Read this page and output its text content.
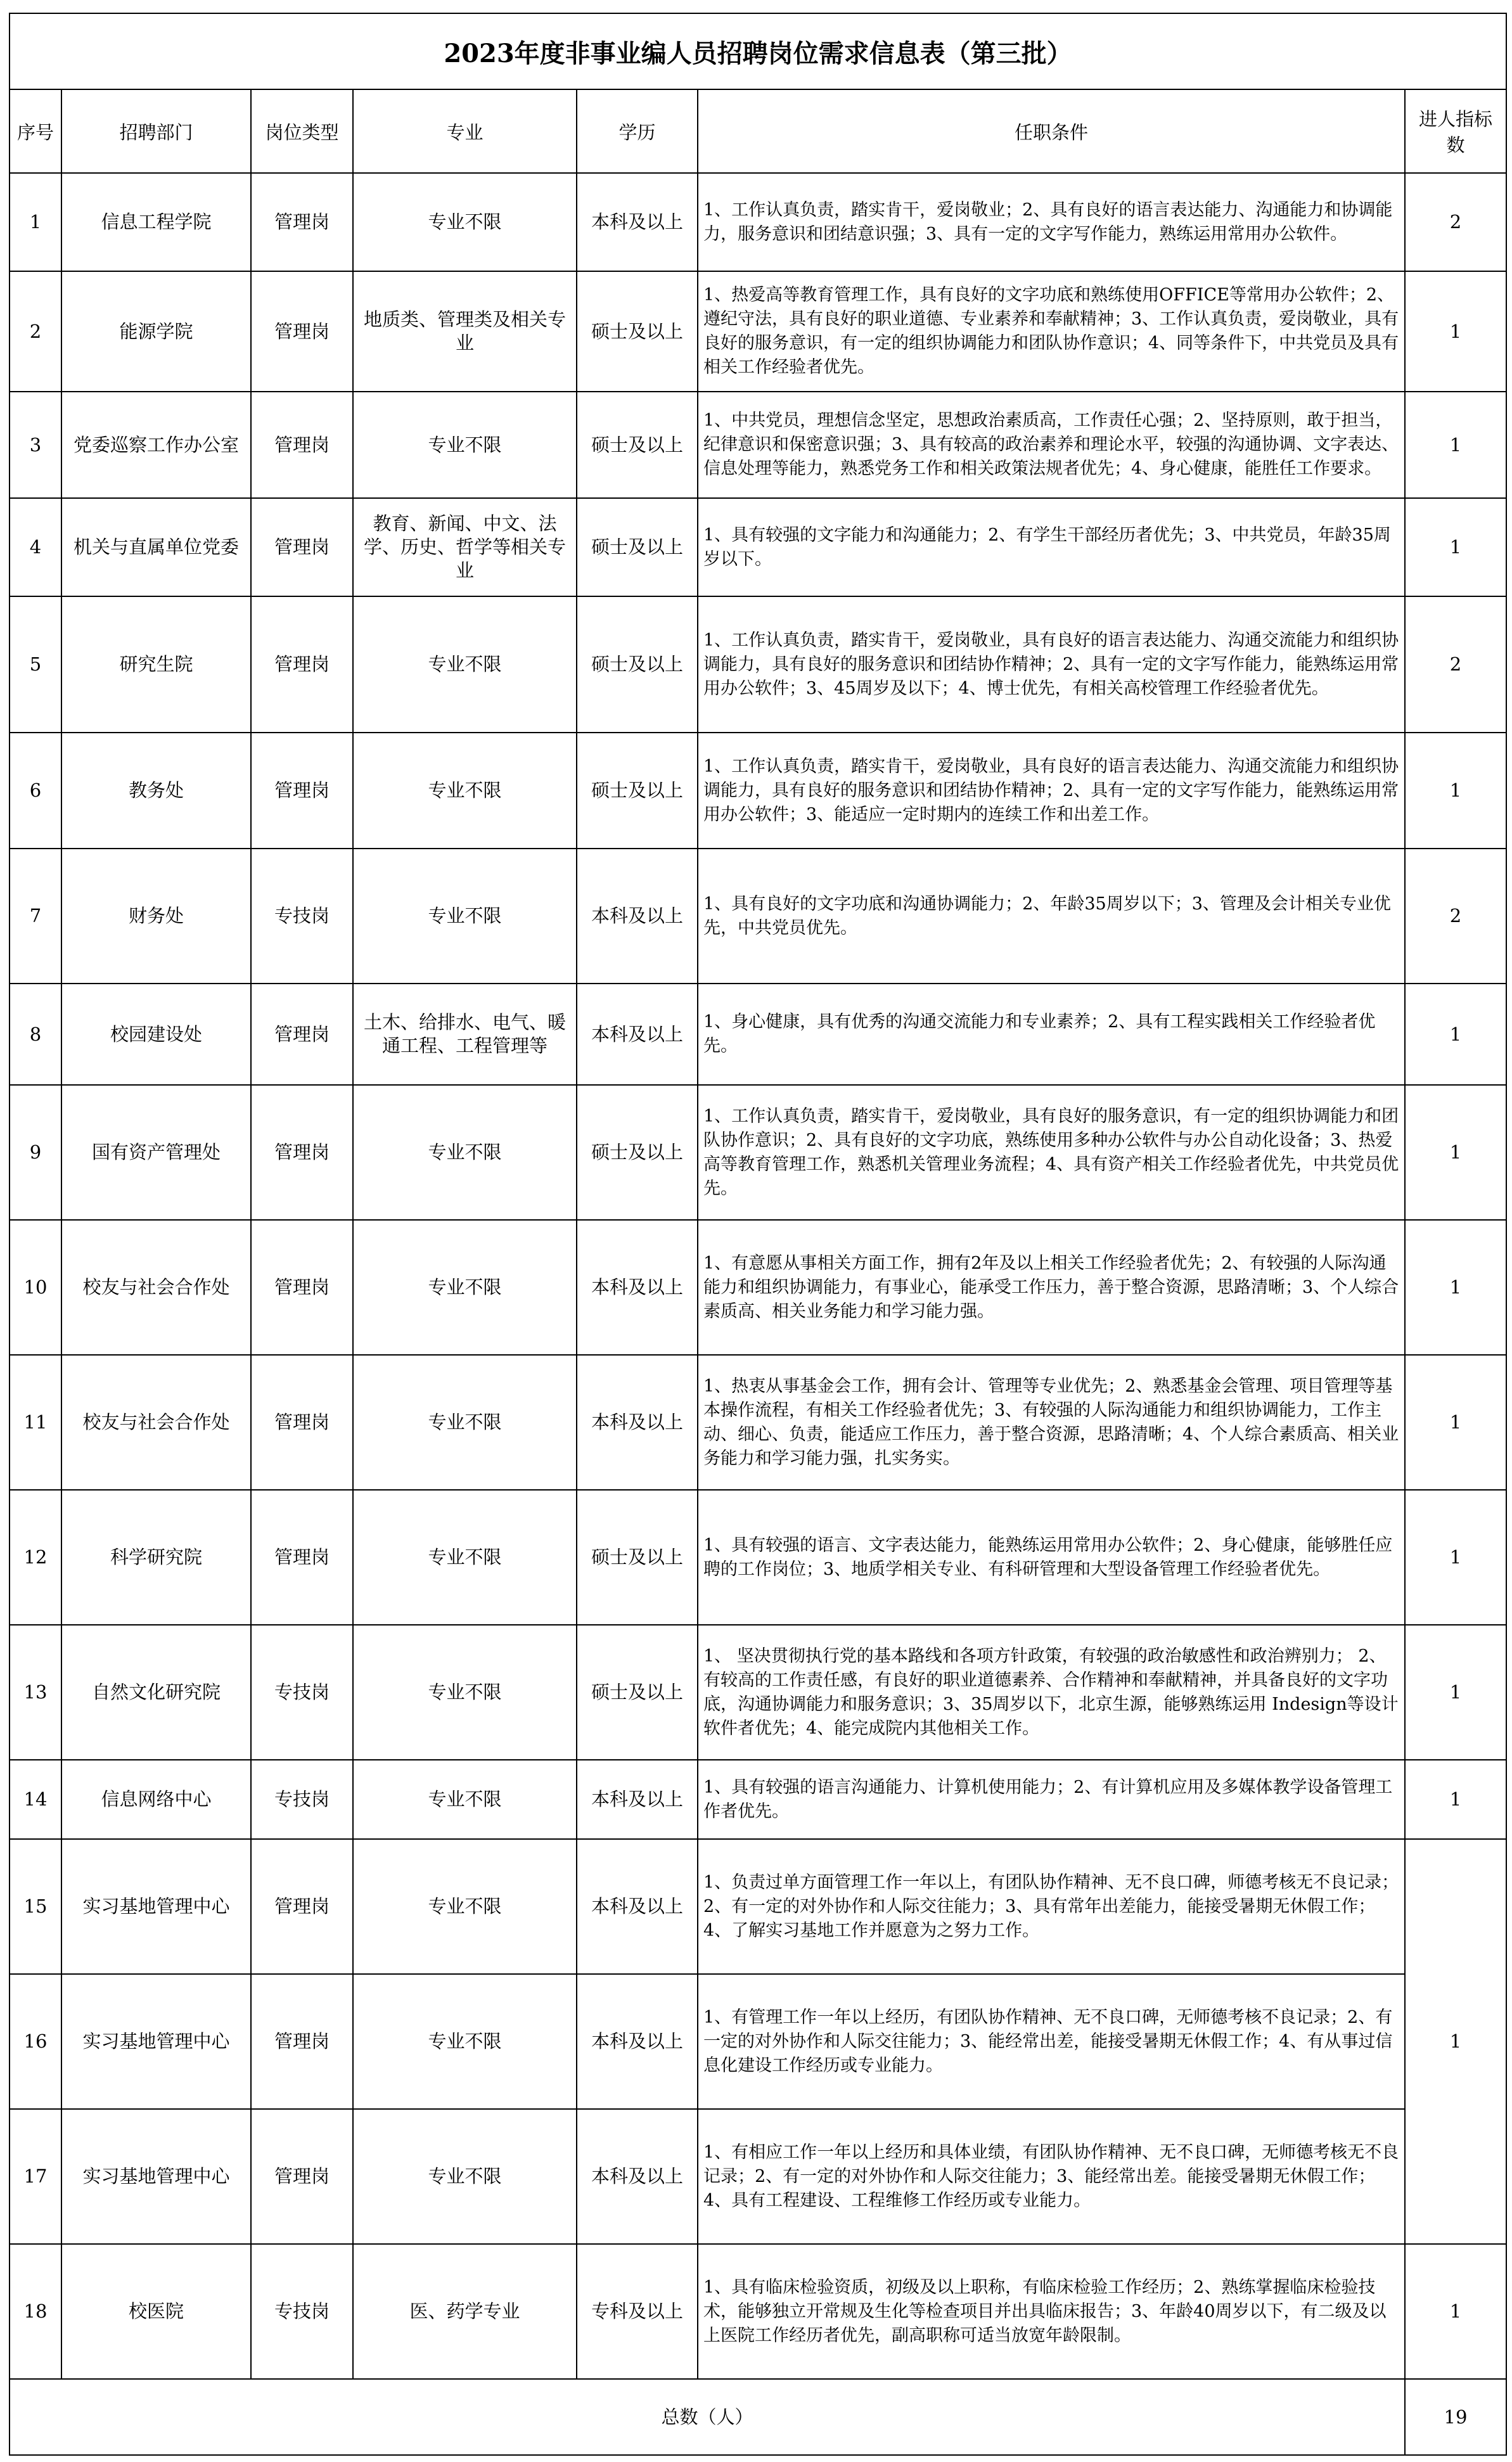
2023年度非事业编人员招聘岗位需求信息表（第三批）						
序号	招聘部门	岗位类型	专业	学历	任职条件	进人指标数
1	信息工程学院	管理岗	专业不限	本科及以上	1、工作认真负责，踏实肯干，爱岗敬业；2、具有良好的语言表达能力、沟通能力和协调能力，服务意识和团结意识强；3、具有一定的文字写作能力，熟练运用常用办公软件。	2
2	能源学院	管理岗	地质类、管理类及相关专业	硕士及以上	1、热爱高等教育管理工作，具有良好的文字功底和熟练使用OFFICE等常用办公软件；2、遵纪守法，具有良好的职业道德、专业素养和奉献精神；3、工作认真负责，爱岗敬业，具有良好的服务意识，有一定的组织协调能力和团队协作意识；4、同等条件下，中共党员及具有相关工作经验者优先。	1
3	党委巡察工作办公室	管理岗	专业不限	硕士及以上	1、中共党员，理想信念坚定，思想政治素质高，工作责任心强；2、坚持原则，敢于担当，纪律意识和保密意识强；3、具有较高的政治素养和理论水平，较强的沟通协调、文字表达、信息处理等能力，熟悉党务工作和相关政策法规者优先；4、身心健康，能胜任工作要求。	1
4	机关与直属单位党委	管理岗	教育、新闻、中文、法学、历史、哲学等相关专业	硕士及以上	1、具有较强的文字能力和沟通能力；2、有学生干部经历者优先；3、中共党员，年龄35周岁以下。	1
5	研究生院	管理岗	专业不限	硕士及以上	1、工作认真负责，踏实肯干，爱岗敬业，具有良好的语言表达能力、沟通交流能力和组织协调能力，具有良好的服务意识和团结协作精神；2、具有一定的文字写作能力，能熟练运用常用办公软件；3、45周岁及以下；4、博士优先，有相关高校管理工作经验者优先。	2
6	教务处	管理岗	专业不限	硕士及以上	1、工作认真负责，踏实肯干，爱岗敬业，具有良好的语言表达能力、沟通交流能力和组织协调能力，具有良好的服务意识和团结协作精神；2、具有一定的文字写作能力，能熟练运用常用办公软件；3、能适应一定时期内的连续工作和出差工作。	1
7	财务处	专技岗	专业不限	本科及以上	1、具有良好的文字功底和沟通协调能力；2、年龄35周岁以下；3、管理及会计相关专业优先，中共党员优先。	2
8	校园建设处	管理岗	土木、给排水、电气、暖通工程、工程管理等	本科及以上	1、身心健康，具有优秀的沟通交流能力和专业素养；2、具有工程实践相关工作经验者优先。	1
9	国有资产管理处	管理岗	专业不限	硕士及以上	1、工作认真负责，踏实肯干，爱岗敬业，具有良好的服务意识，有一定的组织协调能力和团队协作意识；2、具有良好的文字功底，熟练使用多种办公软件与办公自动化设备；3、热爱高等教育管理工作，熟悉机关管理业务流程；4、具有资产相关工作经验者优先，中共党员优先。	1
10	校友与社会合作处	管理岗	专业不限	本科及以上	1、有意愿从事相关方面工作，拥有2年及以上相关工作经验者优先；2、有较强的人际沟通能力和组织协调能力，有事业心，能承受工作压力，善于整合资源，思路清晰；3、个人综合素质高、相关业务能力和学习能力强。	1
11	校友与社会合作处	管理岗	专业不限	本科及以上	1、热衷从事基金会工作，拥有会计、管理等专业优先；2、熟悉基金会管理、项目管理等基本操作流程，有相关工作经验者优先；3、有较强的人际沟通能力和组织协调能力，工作主动、细心、负责，能适应工作压力，善于整合资源，思路清晰；4、个人综合素质高、相关业务能力和学习能力强，扎实务实。	1
12	科学研究院	管理岗	专业不限	硕士及以上	1、具有较强的语言、文字表达能力，能熟练运用常用办公软件；2、身心健康，能够胜任应聘的工作岗位；3、地质学相关专业、有科研管理和大型设备管理工作经验者优先。	1
13	自然文化研究院	专技岗	专业不限	硕士及以上	1、 坚决贯彻执行党的基本路线和各项方针政策，有较强的政治敏感性和政治辨别力； 2、有较高的工作责任感，有良好的职业道德素养、合作精神和奉献精神，并具备良好的文字功底，沟通协调能力和服务意识；3、35周岁以下，北京生源，能够熟练运用 Indesign等设计软件者优先；4、能完成院内其他相关工作。	1
14	信息网络中心	专技岗	专业不限	本科及以上	1、具有较强的语言沟通能力、计算机使用能力；2、有计算机应用及多媒体教学设备管理工作者优先。	1
15	实习基地管理中心	管理岗	专业不限	本科及以上	1、负责过单方面管理工作一年以上，有团队协作精神、无不良口碑，师德考核无不良记录；2、有一定的对外协作和人际交往能力；3、具有常年出差能力，能接受暑期无休假工作；4、了解实习基地工作并愿意为之努力工作。	
16	实习基地管理中心	管理岗	专业不限	本科及以上	1、有管理工作一年以上经历，有团队协作精神、无不良口碑，无师德考核不良记录；2、有一定的对外协作和人际交往能力；3、能经常出差，能接受暑期无休假工作；4、有从事过信息化建设工作经历或专业能力。	1
17	实习基地管理中心	管理岗	专业不限	本科及以上	1、有相应工作一年以上经历和具体业绩，有团队协作精神、无不良口碑，无师德考核无不良记录；2、有一定的对外协作和人际交往能力；3、能经常出差。能接受暑期无休假工作；4、具有工程建设、工程维修工作经历或专业能力。	
18	校医院	专技岗	医、药学专业	专科及以上	1、具有临床检验资质，初级及以上职称，有临床检验工作经历；2、熟练掌握临床检验技术，能够独立开常规及生化等检查项目并出具临床报告；3、年龄40周岁以下，有二级及以上医院工作经历者优先，副高职称可适当放宽年龄限制。	1
总数（人）						19
